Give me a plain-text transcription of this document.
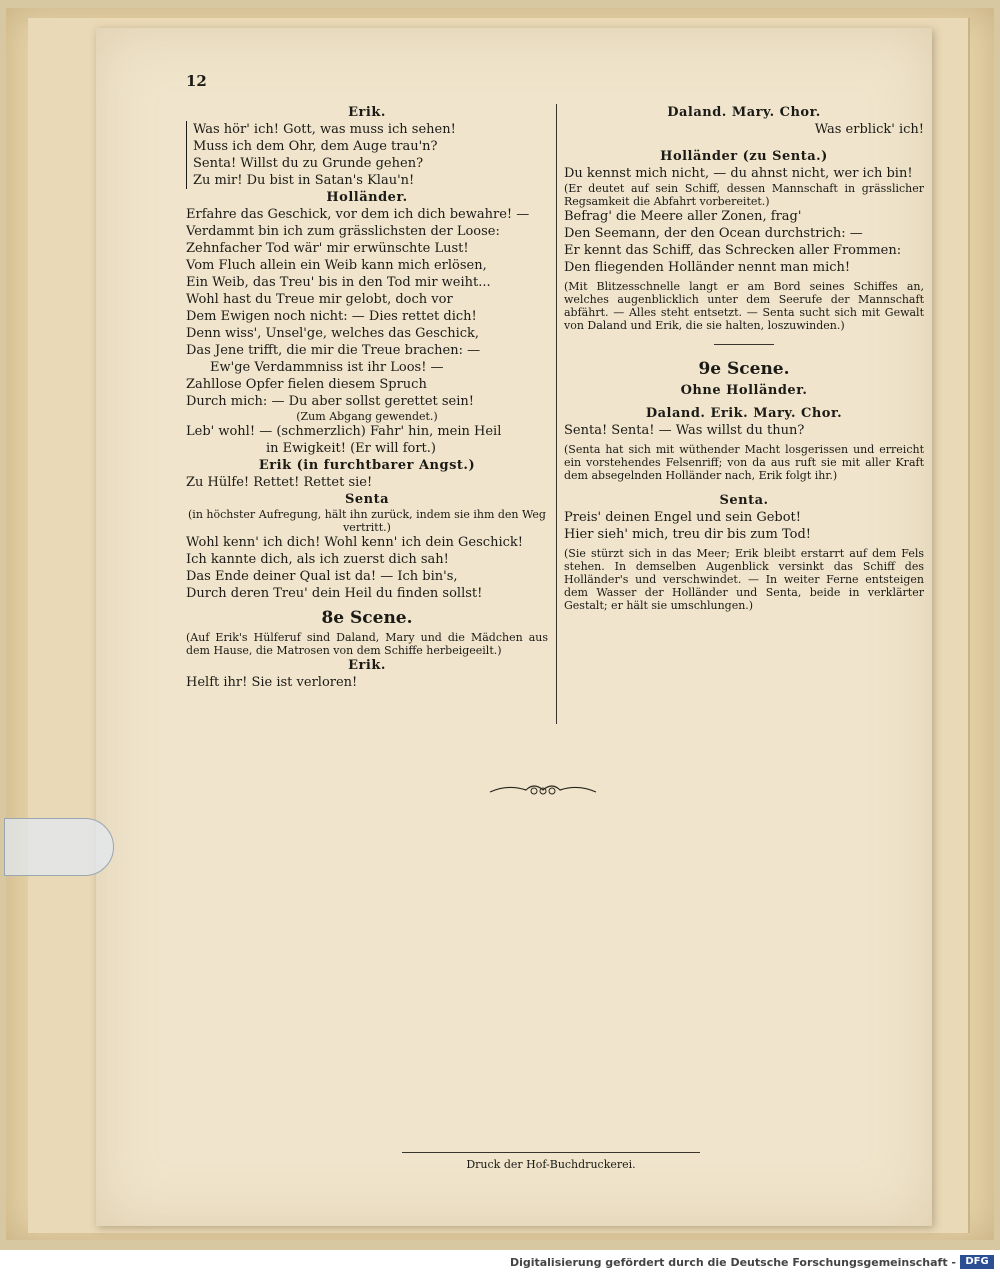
12
Erik.
Was hör' ich! Gott, was muss ich sehen!
Muss ich dem Ohr, dem Auge trau'n?
Senta! Willst du zu Grunde gehen?
Zu mir! Du bist in Satan's Klau'n!
Holländer.
Erfahre das Geschick, vor dem ich dich bewahre! —
Verdammt bin ich zum grässlichsten der Loose:
Zehnfacher Tod wär' mir erwünschte Lust!
Vom Fluch allein ein Weib kann mich erlösen,
Ein Weib, das Treu' bis in den Tod mir weiht...
Wohl hast du Treue mir gelobt, doch vor
Dem Ewigen noch nicht: — Dies rettet dich!
Denn wiss', Unsel'ge, welches das Geschick,
Das Jene trifft, die mir die Treue brachen: —
Ew'ge Verdammniss ist ihr Loos! —
Zahllose Opfer fielen diesem Spruch
Durch mich: — Du aber sollst gerettet sein!
(Zum Abgang gewendet.)
Leb' wohl! — (schmerzlich) Fahr' hin, mein Heil
in Ewigkeit! (Er will fort.)
Erik (in furchtbarer Angst.)
Zu Hülfe! Rettet! Rettet sie!
Senta
(in höchster Aufregung, hält ihn zurück, indem sie ihm den Weg vertritt.)
Wohl kenn' ich dich! Wohl kenn' ich dein Geschick!
Ich kannte dich, als ich zuerst dich sah!
Das Ende deiner Qual ist da! — Ich bin's,
Durch deren Treu' dein Heil du finden sollst!
8e Scene.
(Auf Erik's Hülferuf sind Daland, Mary und die Mädchen aus dem Hause, die Matrosen von dem Schiffe herbeigeeilt.)
Erik.
Helft ihr! Sie ist verloren!
Daland. Mary. Chor.
Was erblick' ich!
Holländer (zu Senta.)
Du kennst mich nicht, — du ahnst nicht, wer ich bin!
(Er deutet auf sein Schiff, dessen Mannschaft in grässlicher Regsamkeit die Abfahrt vorbereitet.)
Befrag' die Meere aller Zonen, frag'
Den Seemann, der den Ocean durchstrich: —
Er kennt das Schiff, das Schrecken aller Frommen:
Den fliegenden Holländer nennt man mich!
(Mit Blitzesschnelle langt er am Bord seines Schiffes an, welches augenblicklich unter dem Seerufe der Mannschaft abfährt. — Alles steht entsetzt. — Senta sucht sich mit Gewalt von Daland und Erik, die sie halten, loszuwinden.)
9e Scene.
Ohne Holländer.
Daland. Erik. Mary. Chor.
Senta! Senta! — Was willst du thun?
(Senta hat sich mit wüthender Macht losgerissen und erreicht ein vorstehendes Felsenriff; von da aus ruft sie mit aller Kraft dem absegelnden Holländer nach, Erik folgt ihr.)
Senta.
Preis' deinen Engel und sein Gebot!
Hier sieh' mich, treu dir bis zum Tod!
(Sie stürzt sich in das Meer; Erik bleibt erstarrt auf dem Fels stehen. In demselben Augenblick versinkt das Schiff des Holländer's und verschwindet. — In weiter Ferne entsteigen dem Wasser der Holländer und Senta, beide in verklärter Gestalt; er hält sie umschlungen.)
Druck der Hof-Buchdruckerei.
Digitalisierung gefördert durch die Deutsche Forschungsgemeinschaft - DFG
